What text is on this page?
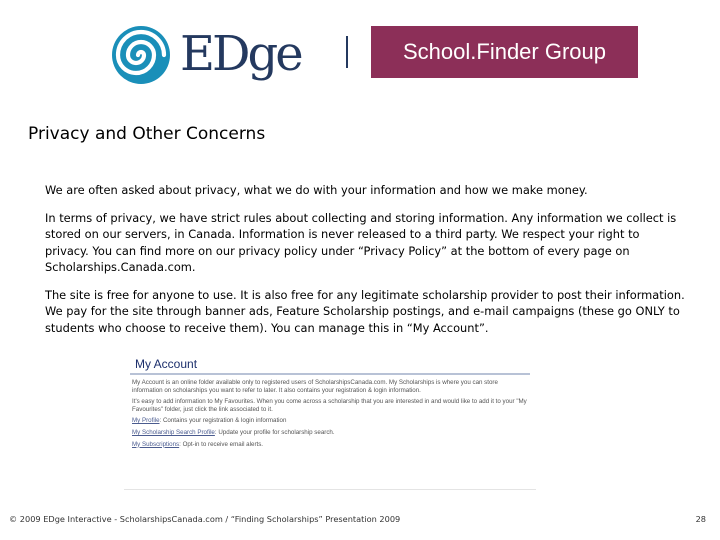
EDge	School.Finder Group
Privacy and Other Concerns

We are often asked about privacy, what we do with your information and how we make money.

In terms of privacy, we have strict rules about collecting and storing information. Any information we collect is stored on our servers, in Canada. Information is never released to a third party. We respect your right to privacy. You can find more on our privacy policy under “Privacy Policy” at the bottom of every page on Scholarships.Canada.com.

The site is free for anyone to use. It is also free for any legitimate scholarship provider to post their information. We pay for the site through banner ads, Feature Scholarship postings, and e-mail campaigns (these go ONLY to students who choose to receive them). You can manage this in “My Account”.

My Account

My Account is an online folder available only to registered users of ScholarshipsCanada.com. My Scholarships is where you can store information on scholarships you want to refer to later. It also contains your registration & login information.

It's easy to add information to My Favourites. When you come across a scholarship that you are interested in and would like to add it to your "My Favourites" folder, just click the link associated to it.

My Profile: Contains your registration & login information

My Scholarship Search Profile: Update your profile for scholarship search.

My Subscriptions: Opt-in to receive email alerts.

© 2009 EDge Interactive - ScholarshipsCanada.com / “Finding Scholarships” Presentation 2009	28
